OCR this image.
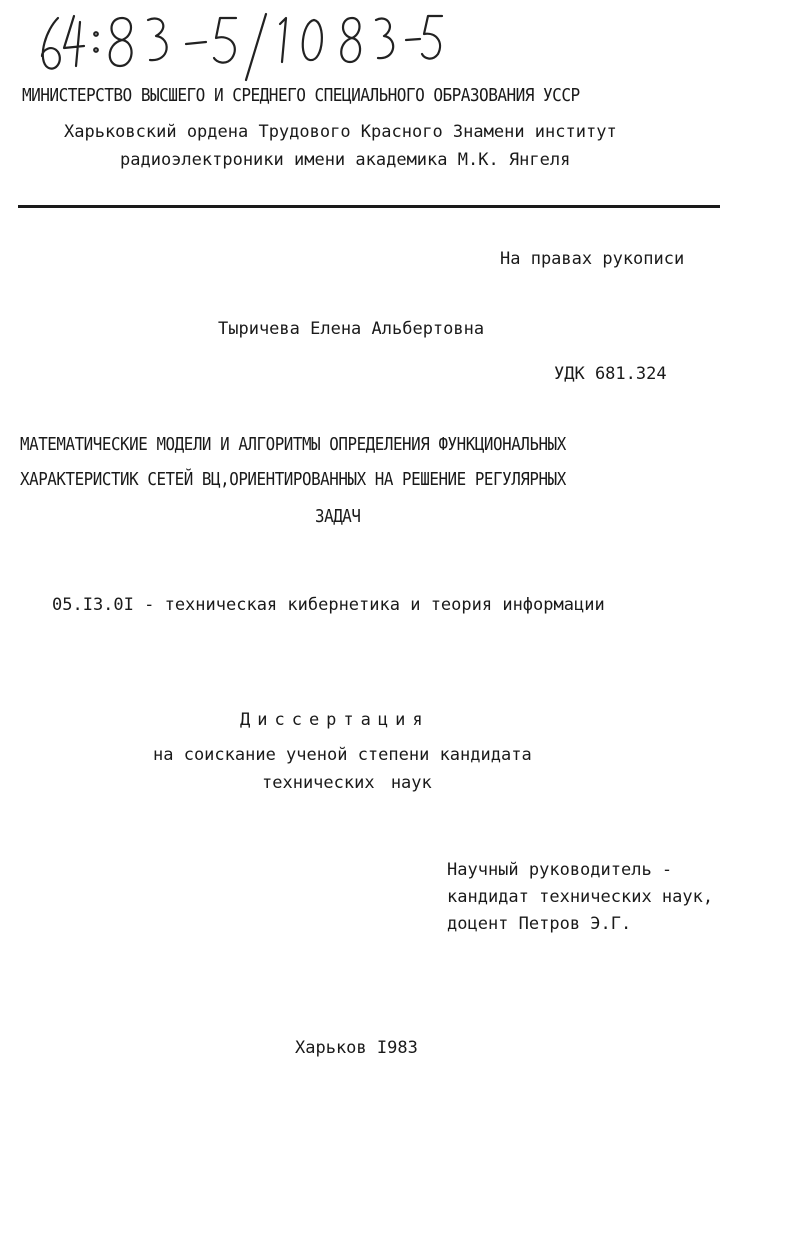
64:83-5/1083-5
МИНИСТЕРСТВО ВЫСШЕГО И СРЕДНЕГО СПЕЦИАЛЬНОГО ОБРАЗОВАНИЯ УССР
Харьковский ордена Трудового Красного Знамени институт
радиоэлектроники имени академика М.К. Янгеля
На правах рукописи
Тыричева Елена Альбертовна
УДК 681.324
МАТЕМАТИЧЕСКИЕ МОДЕЛИ И АЛГОРИТМЫ ОПРЕДЕЛЕНИЯ ФУНКЦИОНАЛЬНЫХ
ХАРАКТЕРИСТИК СЕТЕЙ ВЦ,ОРИЕНТИРОВАННЫХ НА РЕШЕНИЕ РЕГУЛЯРНЫХ
ЗАДАЧ
05.I3.0I - техническая кибернетика и теория информации
Диссертация
на соискание ученой степени кандидата
технических наук
Научный руководитель -
кандидат технических наук,
доцент Петров Э.Г.
Харьков I983
